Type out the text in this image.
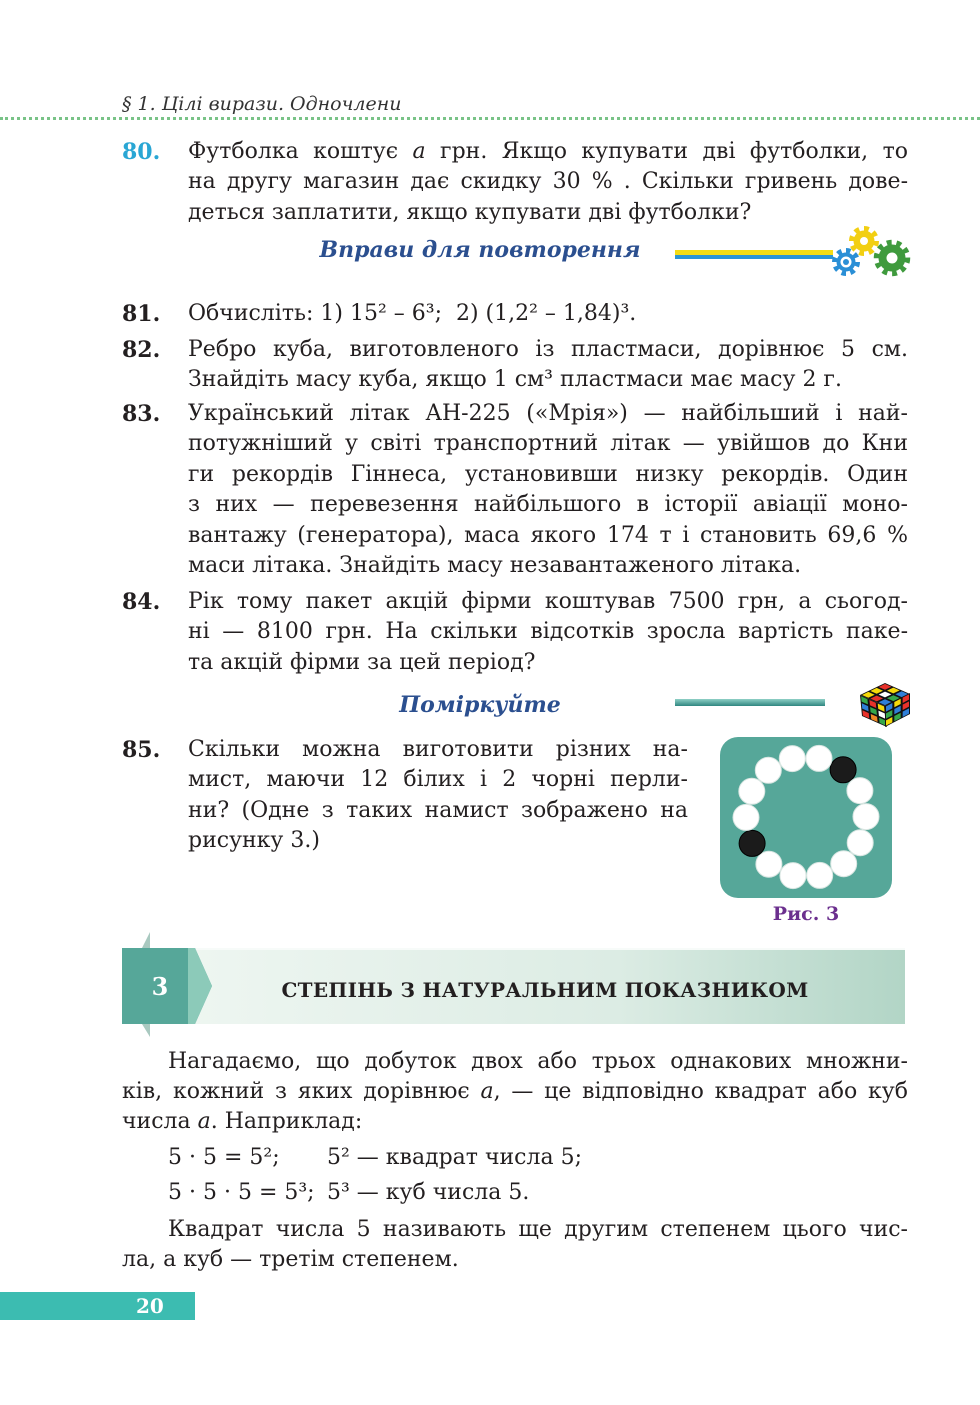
§ 1. Цілі вирази. Одночлени
80. Футболка коштує a грн. Якщо купувати дві футболки, то
на другу магазин дає скидку 30 % . Скільки гривень дове-
деться заплатити, якщо купувати дві футболки?
Вправи для повторення
81. Обчисліть: 1) 15² – 6³;  2) (1,2² – 1,84)³.
82. Ребро куба, виготовленого із пластмаси, дорівнює 5 см.
Знайдіть масу куба, якщо 1 см³ пластмаси має масу 2 г.
83. Український літак АН-225 («Мрія») — найбільший і най-
потужніший у світі транспортний літак — увійшов до Кни
ги рекордів Гіннеса, установивши низку рекордів. Один
з них — перевезення найбільшого в історії авіації моно-
вантажу (генератора), маса якого 174 т і становить 69,6 %
маси літака. Знайдіть масу незавантаженого літака.
84. Рік тому пакет акцій фірми коштував 7500 грн, а сьогод-
ні — 8100 грн. На скільки відсотків зросла вартість паке-
та акцій фірми за цей період?
Поміркуйте
85. Скільки можна виготовити різних на-
мист, маючи 12 білих і 2 чорні перли-
ни? (Одне з таких намист зображено на
рисунку 3.)
Рис. 3
3	СТЕПІНЬ З НАТУРАЛЬНИМ ПОКАЗНИКОМ
Нагадаємо, що добуток двох або трьох однакових множни-
ків, кожний з яких дорівнює a, — це відповідно квадрат або куб
числа a. Наприклад:
5 · 5 = 5²; 5² — квадрат числа 5;
5 · 5 · 5 = 5³; 5³ — куб числа 5.
Квадрат числа 5 називають ще другим степенем цього чис-
ла, а куб — третім степенем.
20
